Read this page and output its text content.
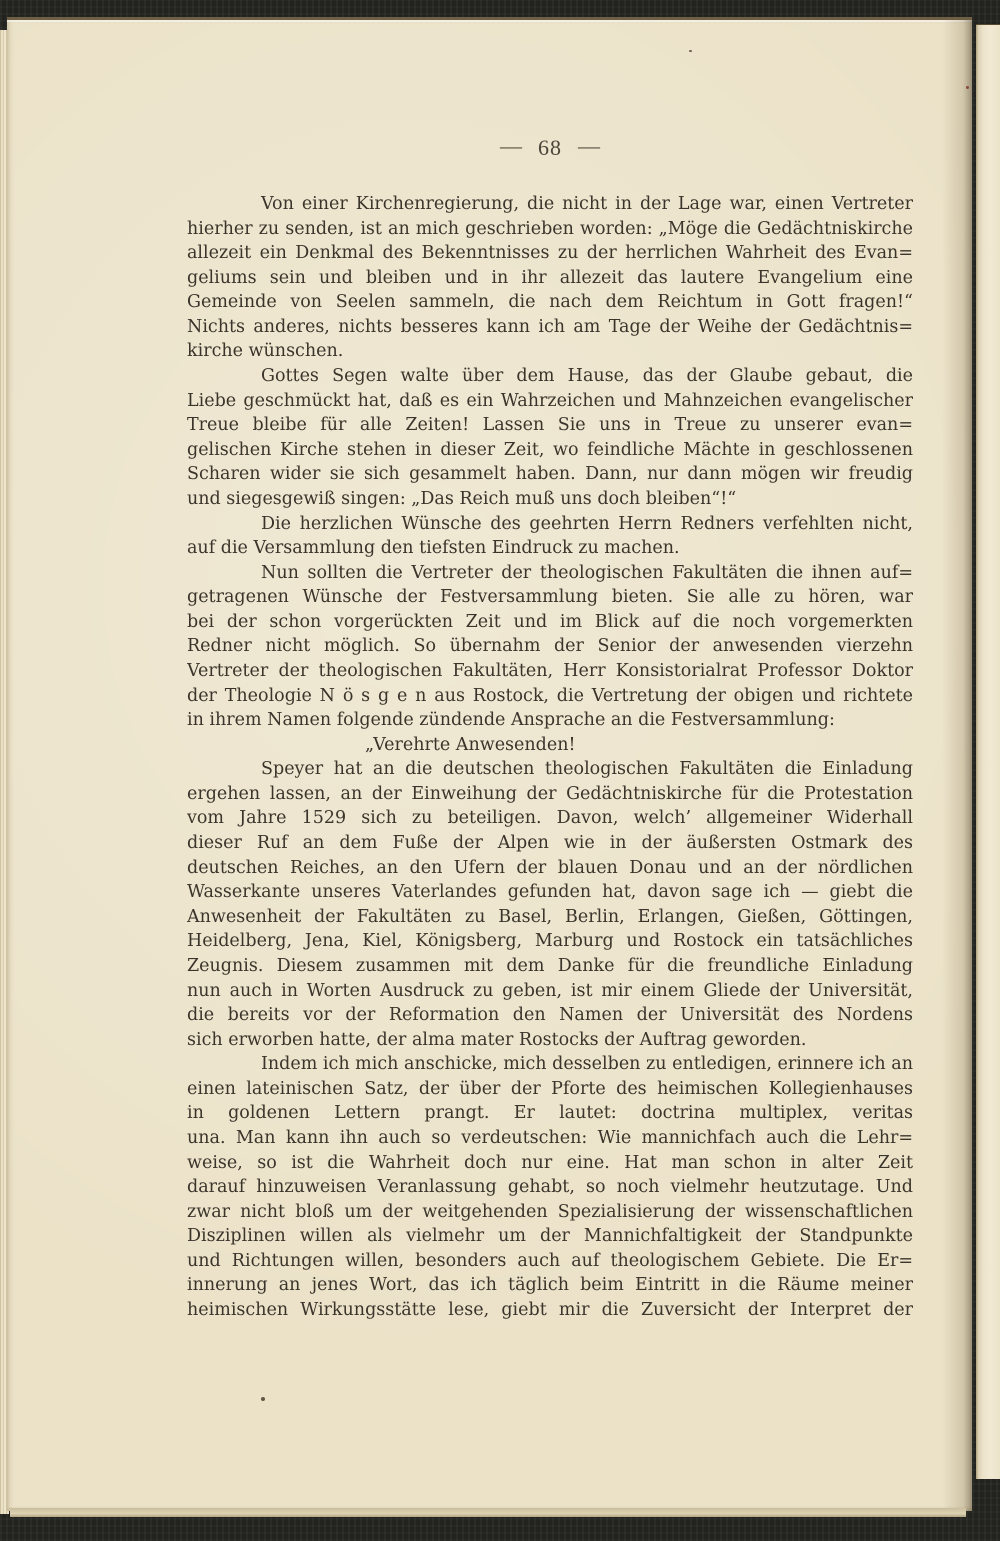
— 68 —
Von einer Kirchenregierung, die nicht in der Lage war, einen Vertreter
hierher zu senden, ist an mich geschrieben worden: „Möge die Gedächtniskirche
allezeit ein Denkmal des Bekenntnisses zu der herrlichen Wahrheit des Evan=
geliums sein und bleiben und in ihr allezeit das lautere Evangelium eine
Gemeinde von Seelen sammeln, die nach dem Reichtum in Gott fragen!“
Nichts anderes, nichts besseres kann ich am Tage der Weihe der Gedächtnis=
kirche wünschen.
Gottes Segen walte über dem Hause, das der Glaube gebaut, die
Liebe geschmückt hat, daß es ein Wahrzeichen und Mahnzeichen evangelischer
Treue bleibe für alle Zeiten! Lassen Sie uns in Treue zu unserer evan=
gelischen Kirche stehen in dieser Zeit, wo feindliche Mächte in geschlossenen
Scharen wider sie sich gesammelt haben. Dann, nur dann mögen wir freudig
und siegesgewiß singen: „Das Reich muß uns doch bleiben“!“
Die herzlichen Wünsche des geehrten Herrn Redners verfehlten nicht,
auf die Versammlung den tiefsten Eindruck zu machen.
Nun sollten die Vertreter der theologischen Fakultäten die ihnen auf=
getragenen Wünsche der Festversammlung bieten. Sie alle zu hören, war
bei der schon vorgerückten Zeit und im Blick auf die noch vorgemerkten
Redner nicht möglich. So übernahm der Senior der anwesenden vierzehn
Vertreter der theologischen Fakultäten, Herr Konsistorialrat Professor Doktor
der Theologie N ö s g e n aus Rostock, die Vertretung der obigen und richtete
in ihrem Namen folgende zündende Ansprache an die Festversammlung:
„Verehrte Anwesenden!
Speyer hat an die deutschen theologischen Fakultäten die Einladung
ergehen lassen, an der Einweihung der Gedächtniskirche für die Protestation
vom Jahre 1529 sich zu beteiligen. Davon, welch’ allgemeiner Widerhall
dieser Ruf an dem Fuße der Alpen wie in der äußersten Ostmark des
deutschen Reiches, an den Ufern der blauen Donau und an der nördlichen
Wasserkante unseres Vaterlandes gefunden hat, davon sage ich — giebt die
Anwesenheit der Fakultäten zu Basel, Berlin, Erlangen, Gießen, Göttingen,
Heidelberg, Jena, Kiel, Königsberg, Marburg und Rostock ein tatsächliches
Zeugnis. Diesem zusammen mit dem Danke für die freundliche Einladung
nun auch in Worten Ausdruck zu geben, ist mir einem Gliede der Universität,
die bereits vor der Reformation den Namen der Universität des Nordens
sich erworben hatte, der alma mater Rostocks der Auftrag geworden.
Indem ich mich anschicke, mich desselben zu entledigen, erinnere ich an
einen lateinischen Satz, der über der Pforte des heimischen Kollegienhauses
in goldenen Lettern prangt. Er lautet: doctrina multiplex, veritas
una. Man kann ihn auch so verdeutschen: Wie mannichfach auch die Lehr=
weise, so ist die Wahrheit doch nur eine. Hat man schon in alter Zeit
darauf hinzuweisen Veranlassung gehabt, so noch vielmehr heutzutage. Und
zwar nicht bloß um der weitgehenden Spezialisierung der wissenschaftlichen
Disziplinen willen als vielmehr um der Mannichfaltigkeit der Standpunkte
und Richtungen willen, besonders auch auf theologischem Gebiete. Die Er=
innerung an jenes Wort, das ich täglich beim Eintritt in die Räume meiner
heimischen Wirkungsstätte lese, giebt mir die Zuversicht der Interpret der
